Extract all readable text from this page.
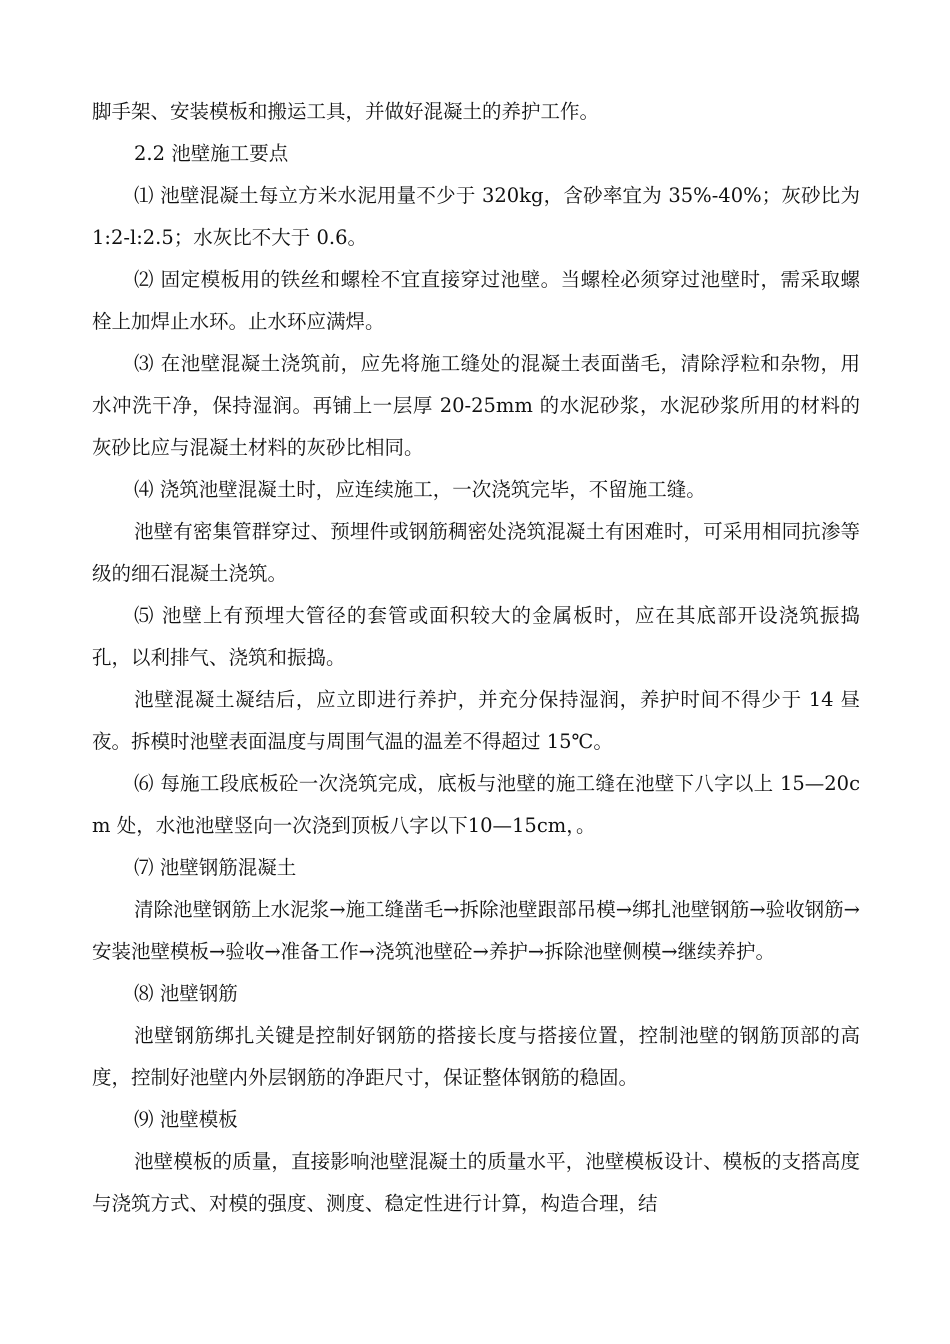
脚手架、安装模板和搬运工具，并做好混凝土的养护工作。

2.2 池壁施工要点

⑴ 池壁混凝土每立方米水泥用量不少于 320kg，含砂率宜为 35%-40%；灰砂比为 1:2-l:2.5；水灰比不大于 0.6。

⑵ 固定模板用的铁丝和螺栓不宜直接穿过池壁。当螺栓必须穿过池壁时，需采取螺栓上加焊止水环。止水环应满焊。

⑶ 在池壁混凝土浇筑前，应先将施工缝处的混凝土表面凿毛，清除浮粒和杂物，用水冲洗干净，保持湿润。再铺上一层厚 20-25mm 的水泥砂浆，水泥砂浆所用的材料的灰砂比应与混凝土材料的灰砂比相同。

⑷ 浇筑池壁混凝土时，应连续施工，一次浇筑完毕，不留施工缝。

池壁有密集管群穿过、预埋件或钢筋稠密处浇筑混凝土有困难时，可采用相同抗渗等级的细石混凝土浇筑。

⑸ 池壁上有预埋大管径的套管或面积较大的金属板时，应在其底部开设浇筑振捣孔，以利排气、浇筑和振捣。

池壁混凝土凝结后，应立即进行养护，并充分保持湿润，养护时间不得少于 14 昼夜。拆模时池壁表面温度与周围气温的温差不得超过 15℃。

⑹ 每施工段底板砼一次浇筑完成，底板与池壁的施工缝在池壁下八字以上 15—20cm 处，水池池壁竖向一次浇到顶板八字以下10—15cm，。

⑺ 池壁钢筋混凝土

清除池壁钢筋上水泥浆→施工缝凿毛→拆除池壁跟部吊模→绑扎池壁钢筋→验收钢筋→安装池壁模板→验收→准备工作→浇筑池壁砼→养护→拆除池壁侧模→继续养护。

⑻ 池壁钢筋

池壁钢筋绑扎关键是控制好钢筋的搭接长度与搭接位置，控制池壁的钢筋顶部的高度，控制好池壁内外层钢筋的净距尺寸，保证整体钢筋的稳固。

⑼ 池壁模板

池壁模板的质量，直接影响池壁混凝土的质量水平，池壁模板设计、模板的支搭高度与浇筑方式、对模的强度、测度、稳定性进行计算，构造合理，结
